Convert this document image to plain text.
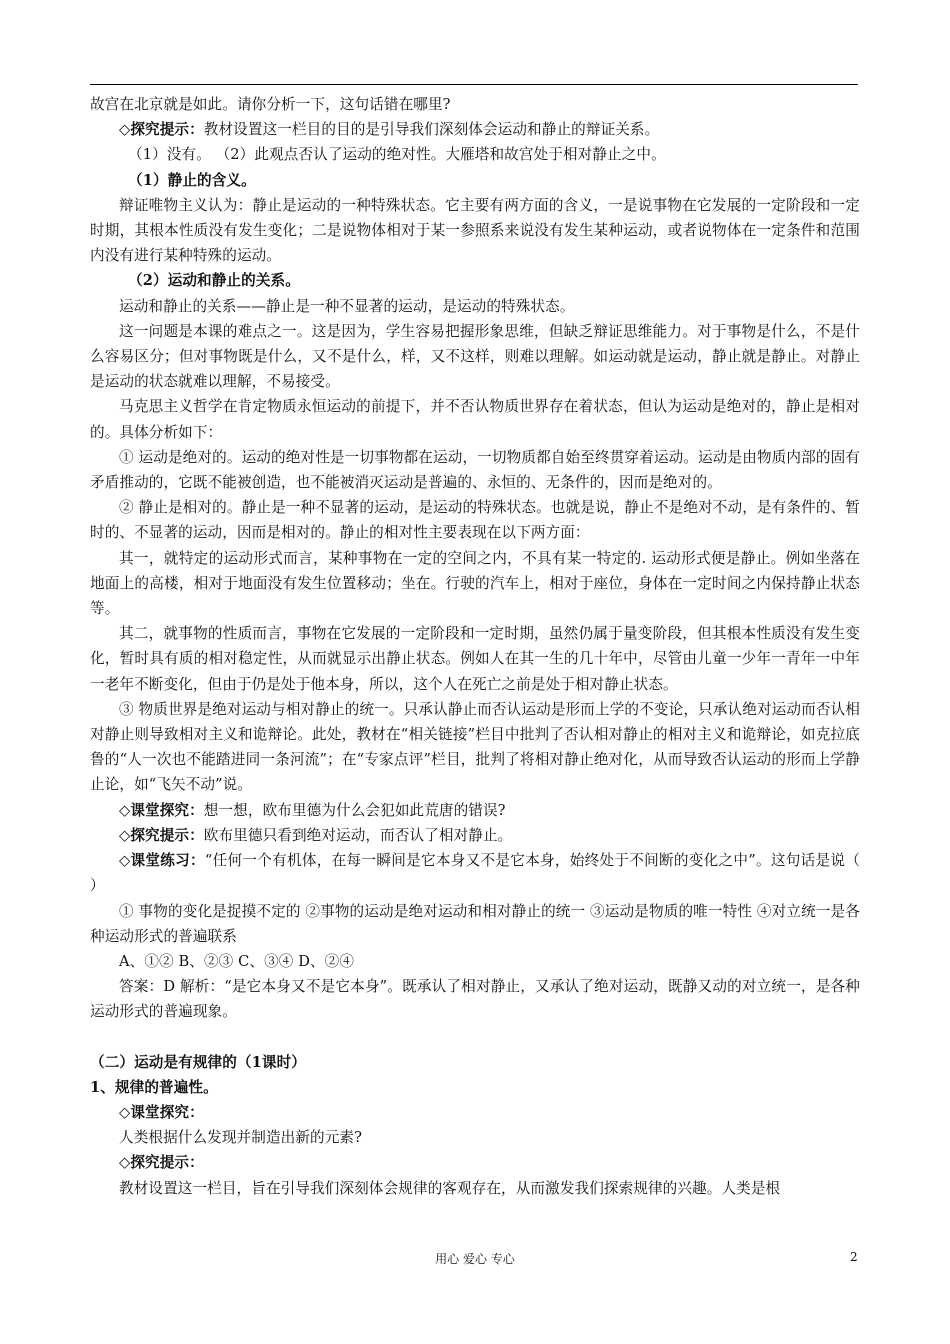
故宫在北京就是如此。请你分析一下，这句话错在哪里?

◇探究提示：教材设置这一栏目的目的是引导我们深刻体会运动和静止的辩证关系。

（1）没有。 （2）此观点否认了运动的绝对性。大雁塔和故宫处于相对静止之中。

（1）静止的含义。

辩证唯物主义认为：静止是运动的一种特殊状态。它主要有两方面的含义，一是说事物在它发展的一定阶段和一定时期，其根本性质没有发生变化；二是说物体相对于某一参照系来说没有发生某种运动，或者说物体在一定条件和范围内没有进行某种特殊的运动。

（2）运动和静止的关系。

运动和静止的关系——静止是一种不显著的运动，是运动的特殊状态。

这一问题是本课的难点之一。这是因为，学生容易把握形象思维，但缺乏辩证思维能力。对于事物是什么，不是什么容易区分；但对事物既是什么，又不是什么，样，又不这样，则难以理解。如运动就是运动，静止就是静止。对静止是运动的状态就难以理解，不易接受。

马克思主义哲学在肯定物质永恒运动的前提下，并不否认物质世界存在着状态，但认为运动是绝对的，静止是相对的。具体分析如下：

① 运动是绝对的。运动的绝对性是一切事物都在运动，一切物质都自始至终贯穿着运动。运动是由物质内部的固有矛盾推动的，它既不能被创造，也不能被消灭运动是普遍的、永恒的、无条件的，因而是绝对的。

② 静止是相对的。静止是一种不显著的运动，是运动的特殊状态。也就是说，静止不是绝对不动，是有条件的、暂时的、不显著的运动，因而是相对的。静止的相对性主要表现在以下两方面：

其一，就特定的运动形式而言，某种事物在一定的空间之内，不具有某一特定的. 运动形式便是静止。例如坐落在地面上的高楼，相对于地面没有发生位置移动；坐在。行驶的汽车上，相对于座位，身体在一定时间之内保持静止状态等。

其二，就事物的性质而言，事物在它发展的一定阶段和一定时期，虽然仍属于量变阶段，但其根本性质没有发生变化，暂时具有质的相对稳定性，从而就显示出静止状态。例如人在其一生的几十年中，尽管由儿童一少年一青年一中年一老年不断变化，但由于仍是处于他本身，所以，这个人在死亡之前是处于相对静止状态。

③ 物质世界是绝对运动与相对静止的统一。只承认静止而否认运动是形而上学的不变论，只承认绝对运动而否认相对静止则导致相对主义和诡辩论。此处，教材在“相关链接”栏目中批判了否认相对静止的相对主义和诡辩论，如克拉底鲁的“人一次也不能踏进同一条河流”；在“专家点评”栏目，批判了将相对静止绝对化，从而导致否认运动的形而上学静止论，如“飞矢不动”说。

◇课堂探究：想一想，欧布里德为什么会犯如此荒唐的错误?

◇探究提示：欧布里德只看到绝对运动，而否认了相对静止。

◇课堂练习：“任何一个有机体，在每一瞬间是它本身又不是它本身，始终处于不间断的变化之中”。这句话是说（ ）

① 事物的变化是捉摸不定的 ②事物的运动是绝对运动和相对静止的统一 ③运动是物质的唯一特性 ④对立统一是各种运动形式的普遍联系

A、①② B、②③ C、③④ D、②④

答案：D 解析：“是它本身又不是它本身”。既承认了相对静止，又承认了绝对运动，既静又动的对立统一，是各种运动形式的普遍现象。

（二）运动是有规律的（1课时）

1、规律的普遍性。

◇课堂探究：

人类根据什么发现并制造出新的元素?

◇探究提示：

教材设置这一栏目，旨在引导我们深刻体会规律的客观存在，从而激发我们探索规律的兴趣。人类是根

用心 爱心 专心	2
